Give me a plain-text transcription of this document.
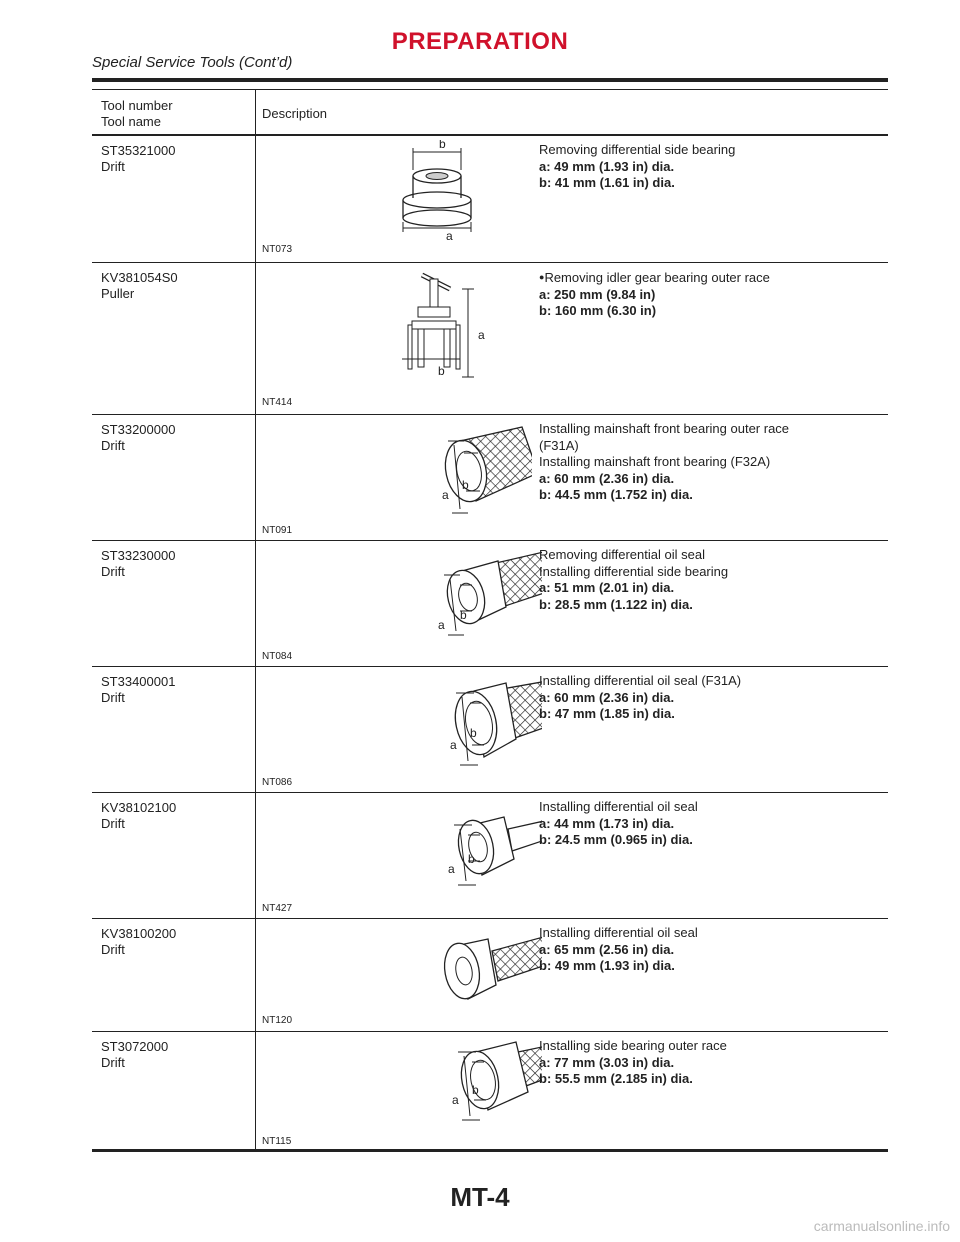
PREPARATION
Special Service Tools (Cont’d)
Tool number
Tool name
Description
ST35321000
Drift
a
b
NT073
Removing differential side bearing
a: 49 mm (1.93 in) dia.
b: 41 mm (1.61 in) dia.
KV381054S0
Puller
a
b
NT414
●Removing idler gear bearing outer race
a: 250 mm (9.84 in)
b: 160 mm (6.30 in)
ST33200000
Drift
a
b
NT091
Installing mainshaft front bearing outer race
(F31A)
Installing mainshaft front bearing (F32A)
a: 60 mm (2.36 in) dia.
b: 44.5 mm (1.752 in) dia.
ST33230000
Drift
a
b
NT084
Removing differential oil seal
Installing differential side bearing
a: 51 mm (2.01 in) dia.
b: 28.5 mm (1.122 in) dia.
ST33400001
Drift
a
b
NT086
Installing differential oil seal (F31A)
a: 60 mm (2.36 in) dia.
b: 47 mm (1.85 in) dia.
KV38102100
Drift
a
b
NT427
Installing differential oil seal
a: 44 mm (1.73 in) dia.
b: 24.5 mm (0.965 in) dia.
KV38100200
Drift
NT120
Installing differential oil seal
a: 65 mm (2.56 in) dia.
b: 49 mm (1.93 in) dia.
ST3072000
Drift
a
b
NT115
Installing side bearing outer race
a: 77 mm (3.03 in) dia.
b: 55.5 mm (2.185 in) dia.
MT-4
carmanualsonline.info
